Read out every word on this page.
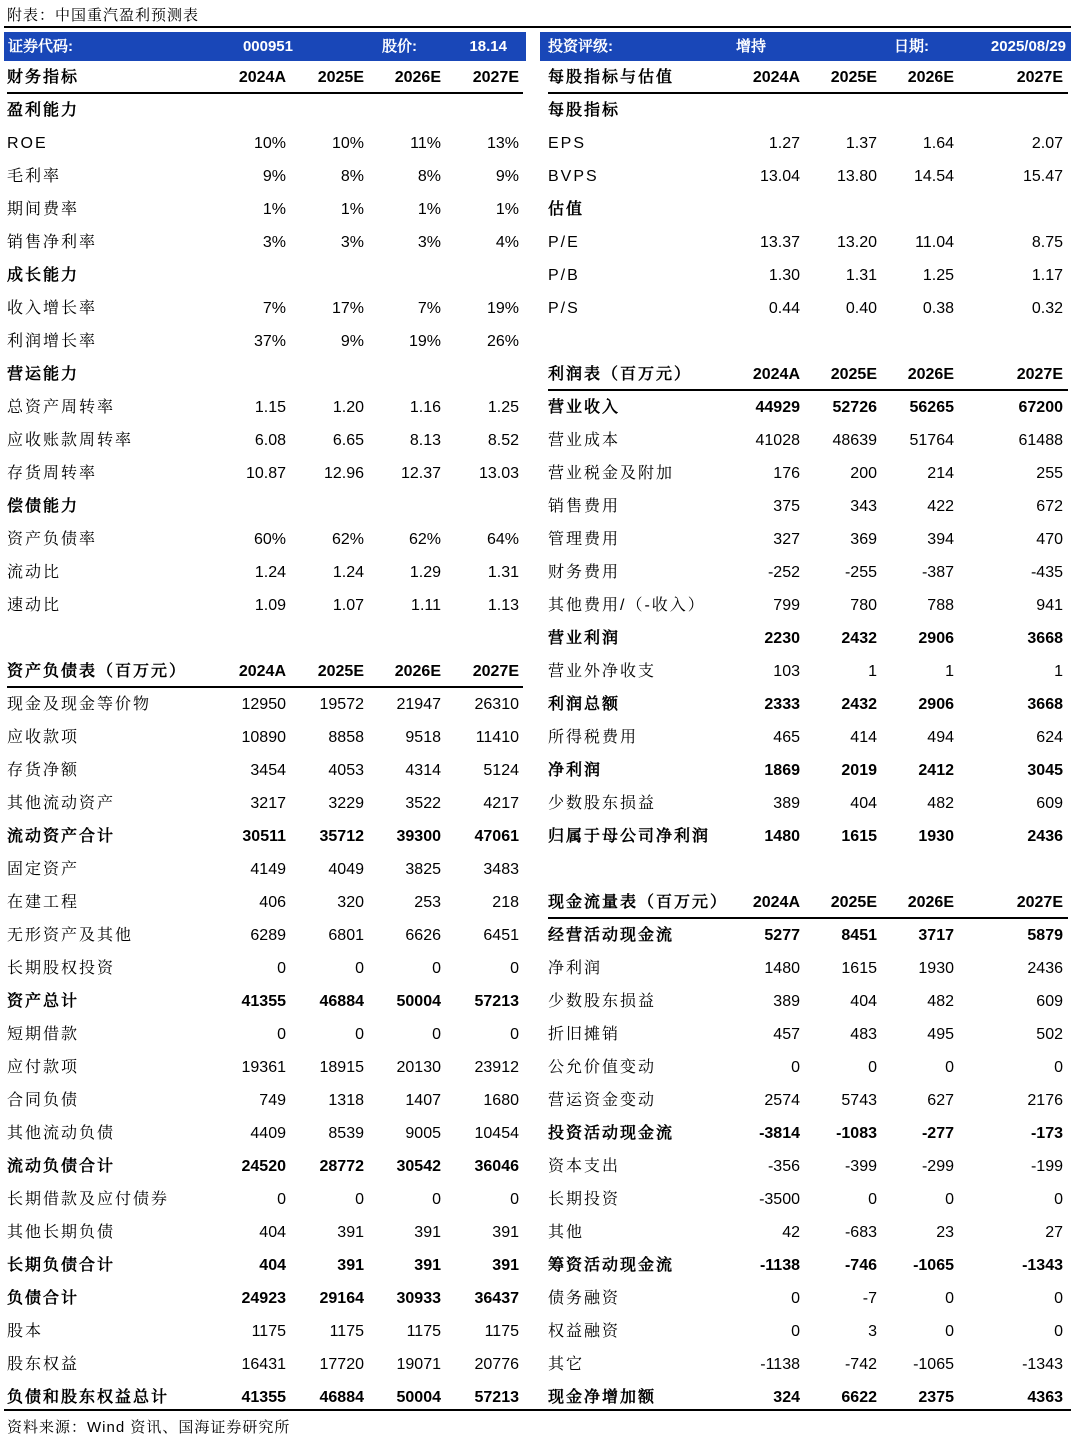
附表：中国重汽盈利预测表
证券代码:	000951	股价:	18.14	投资评级:	增持	日期:	2025/08/29
财务指标	2024A	2025E	2026E	2027E
盈利能力
ROE	10%	10%	11%	13%
毛利率	9%	8%	8%	9%
期间费率	1%	1%	1%	1%
销售净利率	3%	3%	3%	4%
成长能力
收入增长率	7%	17%	7%	19%
利润增长率	37%	9%	19%	26%
营运能力
总资产周转率	1.15	1.20	1.16	1.25
应收账款周转率	6.08	6.65	8.13	8.52
存货周转率	10.87	12.96	12.37	13.03
偿债能力
资产负债率	60%	62%	62%	64%
流动比	1.24	1.24	1.29	1.31
速动比	1.09	1.07	1.11	1.13
资产负债表（百万元）	2024A	2025E	2026E	2027E
现金及现金等价物	12950	19572	21947	26310
应收款项	10890	8858	9518	11410
存货净额	3454	4053	4314	5124
其他流动资产	3217	3229	3522	4217
流动资产合计	30511	35712	39300	47061
固定资产	4149	4049	3825	3483
在建工程	406	320	253	218
无形资产及其他	6289	6801	6626	6451
长期股权投资	0	0	0	0
资产总计	41355	46884	50004	57213
短期借款	0	0	0	0
应付款项	19361	18915	20130	23912
合同负债	749	1318	1407	1680
其他流动负债	4409	8539	9005	10454
流动负债合计	24520	28772	30542	36046
长期借款及应付债券	0	0	0	0
其他长期负债	404	391	391	391
长期负债合计	404	391	391	391
负债合计	24923	29164	30933	36437
股本	1175	1175	1175	1175
股东权益	16431	17720	19071	20776
负债和股东权益总计	41355	46884	50004	57213
每股指标与估值	2024A	2025E	2026E	2027E
每股指标
EPS	1.27	1.37	1.64	2.07
BVPS	13.04	13.80	14.54	15.47
估值
P/E	13.37	13.20	11.04	8.75
P/B	1.30	1.31	1.25	1.17
P/S	0.44	0.40	0.38	0.32
利润表（百万元）	2024A	2025E	2026E	2027E
营业收入	44929	52726	56265	67200
营业成本	41028	48639	51764	61488
营业税金及附加	176	200	214	255
销售费用	375	343	422	672
管理费用	327	369	394	470
财务费用	-252	-255	-387	-435
其他费用/（-收入）	799	780	788	941
营业利润	2230	2432	2906	3668
营业外净收支	103	1	1	1
利润总额	2333	2432	2906	3668
所得税费用	465	414	494	624
净利润	1869	2019	2412	3045
少数股东损益	389	404	482	609
归属于母公司净利润	1480	1615	1930	2436
现金流量表（百万元）	2024A	2025E	2026E	2027E
经营活动现金流	5277	8451	3717	5879
净利润	1480	1615	1930	2436
少数股东损益	389	404	482	609
折旧摊销	457	483	495	502
公允价值变动	0	0	0	0
营运资金变动	2574	5743	627	2176
投资活动现金流	-3814	-1083	-277	-173
资本支出	-356	-399	-299	-199
长期投资	-3500	0	0	0
其他	42	-683	23	27
筹资活动现金流	-1138	-746	-1065	-1343
债务融资	0	-7	0	0
权益融资	0	3	0	0
其它	-1138	-742	-1065	-1343
现金净增加额	324	6622	2375	4363
资料来源：Wind 资讯、国海证券研究所
